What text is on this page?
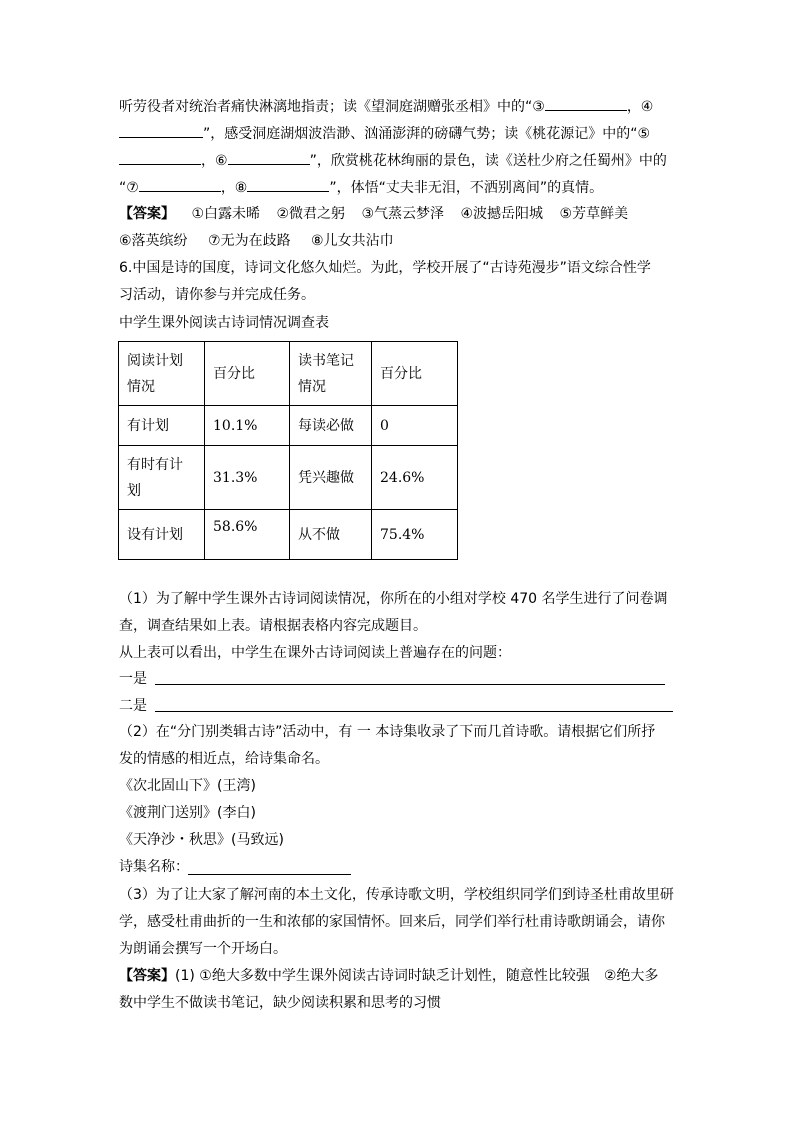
听劳役者对统治者痛快淋漓地指责；读《望洞庭湖赠张丞相》中的“③	，④
”，感受洞庭湖烟波浩渺、汹涌澎湃的磅礴气势；读《桃花源记》中的“⑤
，⑥	”，欣赏桃花林绚丽的景色，读《送杜少府之任蜀州》中的
“⑦	，⑧	”，体悟“丈夫非无泪，不洒别离间”的真情。
【答案】 ①白露未晞 ②微君之躬 ③气蒸云梦泽 ④波撼岳阳城 ⑤芳草鲜美
⑥落英缤纷 ⑦无为在歧路 ⑧儿女共沾巾
6.中国是诗的国度，诗词文化悠久灿烂。为此，学校开展了“古诗苑漫步”语文综合性学
习活动，请你参与并完成任务。
中学生课外阅读古诗词情况调查表
阅读计划情况	百分比	读书笔记情况	百分比
有计划	10.1%	每读必做	0
有时有计划	31.3%	凭兴趣做	24.6%
设有计划	58.6%	从不做	75.4%
（1）为了解中学生课外古诗词阅读情况，你所在的小组对学校 470 名学生进行了问卷调
查，调查结果如上表。请根据表格内容完成题目。
从上表可以看出，中学生在课外古诗词阅读上普遍存在的问题：
一是
二是
（2）在“分门别类辑古诗”活动中，有 一 本诗集收录了下而几首诗歌。请根据它们所抒
发的情感的相近点，给诗集命名。
《次北固山下》(王湾)
《渡荆门送别》(李白)
《天净沙・秋思》(马致远)
诗集名称：
（3）为了让大家了解河南的本土文化，传承诗歌文明，学校组织同学们到诗圣杜甫故里研
学，感受杜甫曲折的一生和浓郁的家国情怀。回来后，同学们举行杜甫诗歌朗诵会，请你
为朗诵会撰写一个开场白。
【答案】(1) ①绝大多数中学生课外阅读古诗词时缺乏计划性，随意性比较强　②绝大多
数中学生不做读书笔记，缺少阅读积累和思考的习惯
